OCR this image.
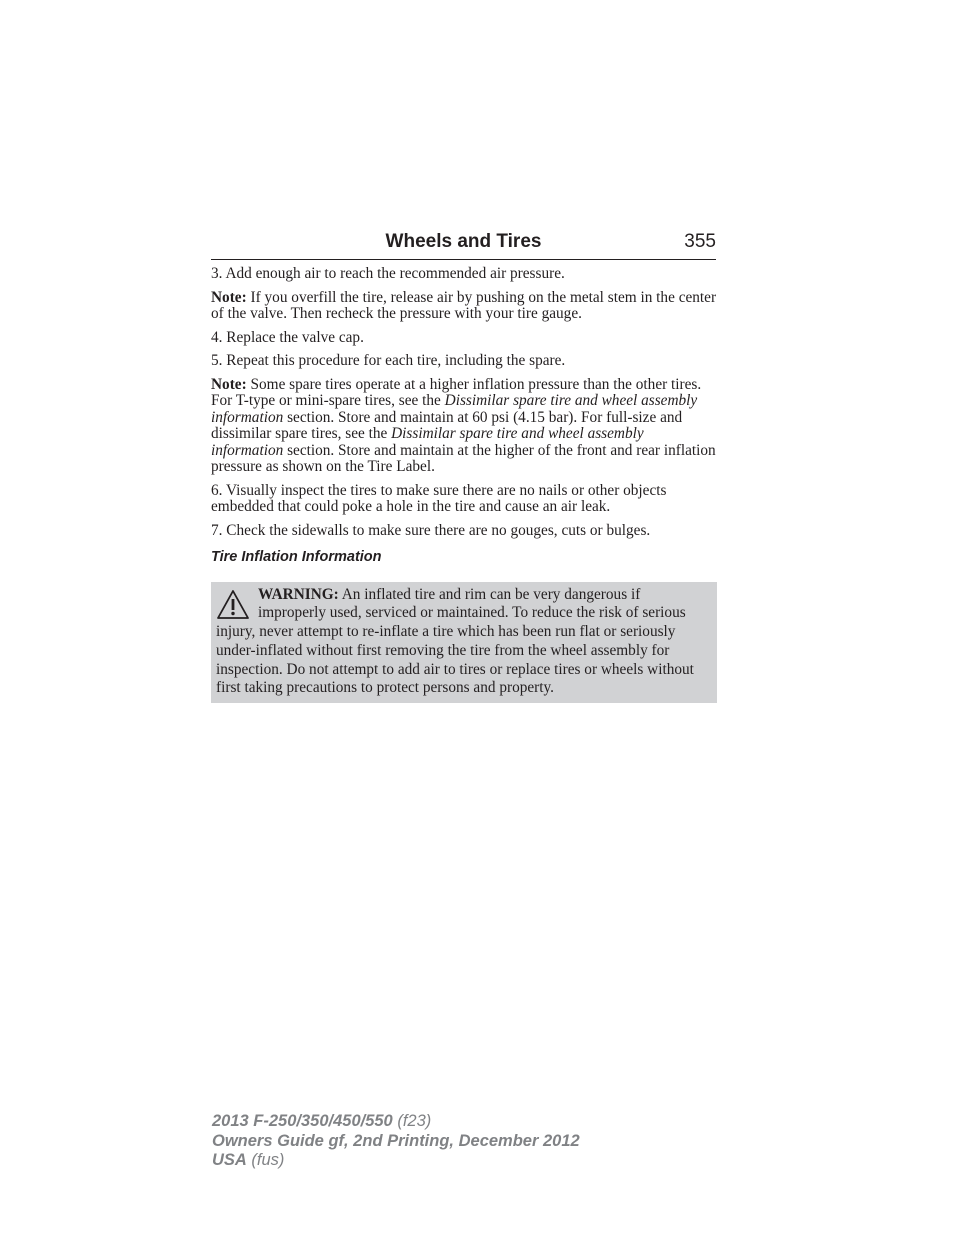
Wheels and Tires	355

3. Add enough air to reach the recommended air pressure.

Note: If you overfill the tire, release air by pushing on the metal stem in the center of the valve. Then recheck the pressure with your tire gauge.

4. Replace the valve cap.

5. Repeat this procedure for each tire, including the spare.

Note: Some spare tires operate at a higher inflation pressure than the other tires. For T-type or mini-spare tires, see the Dissimilar spare tire and wheel assembly information section. Store and maintain at 60 psi (4.15 bar). For full-size and dissimilar spare tires, see the Dissimilar spare tire and wheel assembly information section. Store and maintain at the higher of the front and rear inflation pressure as shown on the Tire Label.

6. Visually inspect the tires to make sure there are no nails or other objects embedded that could poke a hole in the tire and cause an air leak.

7. Check the sidewalls to make sure there are no gouges, cuts or bulges.

Tire Inflation Information
WARNING: An inflated tire and rim can be very dangerous if improperly used, serviced or maintained. To reduce the risk of serious injury, never attempt to re-inflate a tire which has been run flat or seriously under-inflated without first removing the tire from the wheel assembly for inspection. Do not attempt to add air to tires or replace tires or wheels without first taking precautions to protect persons and property.
2013 F-250/350/450/550 (f23)
Owners Guide gf, 2nd Printing, December 2012
USA (fus)
